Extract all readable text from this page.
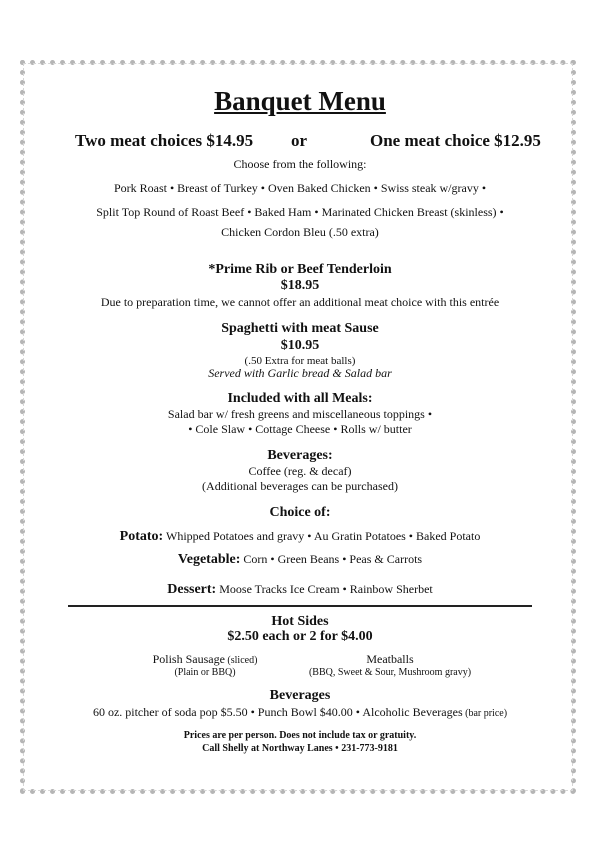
Banquet Menu
Two meat choices $14.95 or	One meat choice $12.95
Choose from the following:
Pork Roast • Breast of Turkey • Oven Baked Chicken • Swiss steak w/gravy •
Split Top Round of Roast Beef • Baked Ham • Marinated Chicken Breast (skinless) •
Chicken Cordon Bleu (.50 extra)
*Prime Rib or Beef Tenderloin
$18.95
Due to preparation time, we cannot offer an additional meat choice with this entrée
Spaghetti with meat Sause
$10.95
(.50 Extra for meat balls)
Served with Garlic bread & Salad bar
Included with all Meals:
Salad bar w/ fresh greens and miscellaneous toppings •
• Cole Slaw • Cottage Cheese • Rolls w/ butter
Beverages:
Coffee (reg. & decaf)
(Additional beverages can be purchased)
Choice of:
Potato: Whipped Potatoes and gravy • Au Gratin Potatoes • Baked Potato
Vegetable: Corn • Green Beans • Peas & Carrots
Dessert: Moose Tracks Ice Cream • Rainbow Sherbet
Hot Sides
$2.50 each or 2 for $4.00
Polish Sausage (sliced)
(Plain or BBQ)
Meatballs
(BBQ, Sweet & Sour, Mushroom gravy)
Beverages
60 oz. pitcher of soda pop $5.50 • Punch Bowl $40.00 • Alcoholic Beverages (bar price)
Prices are per person. Does not include tax or gratuity.
Call Shelly at Northway Lanes • 231-773-9181
